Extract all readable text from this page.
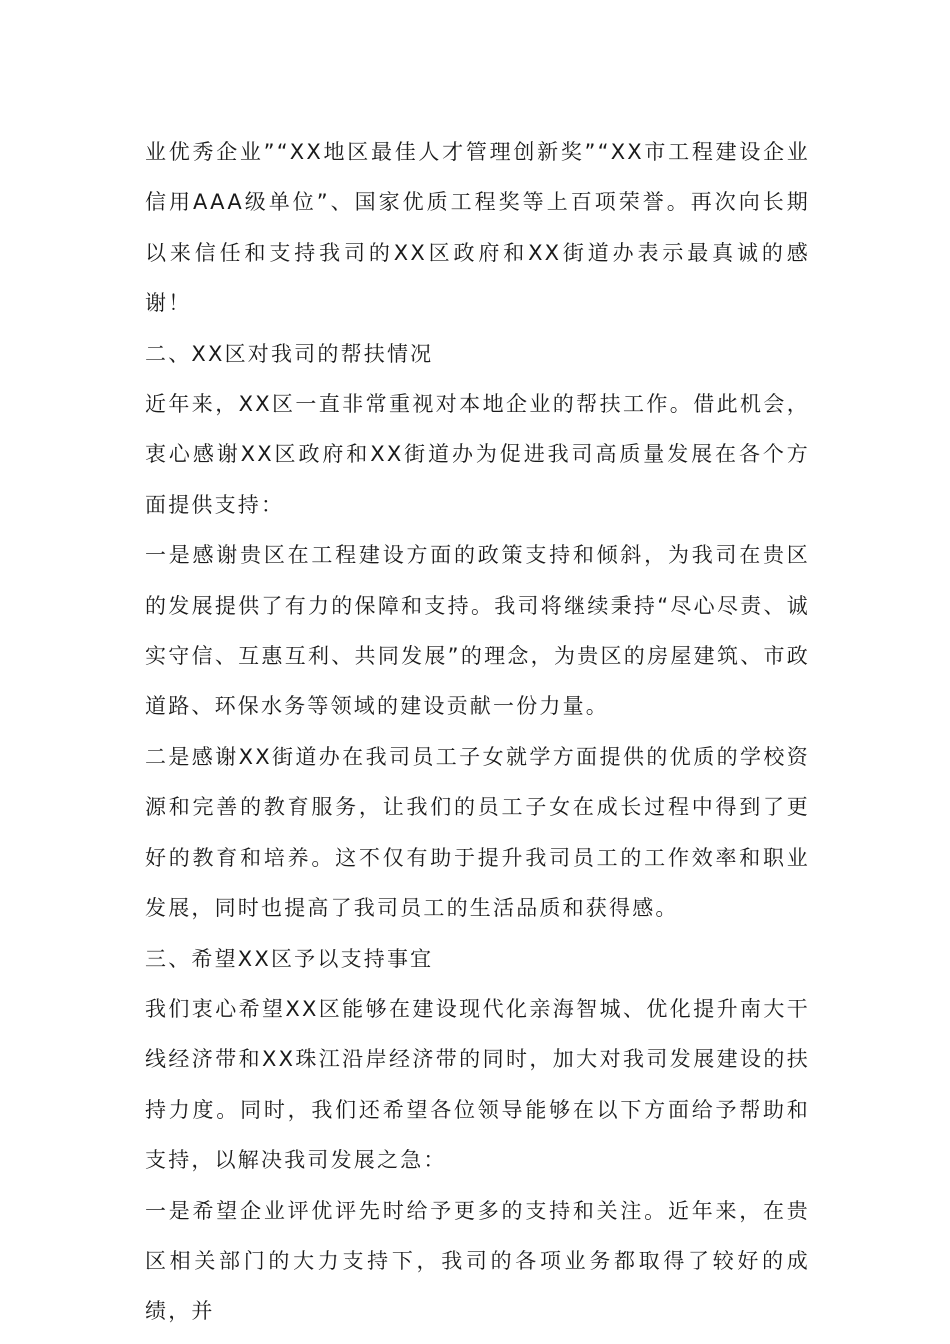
业优秀企业”“XX地区最佳人才管理创新奖”“XX市工程建设企业信用AAA级单位”、国家优质工程奖等上百项荣誉。再次向长期以来信任和支持我司的XX区政府和XX街道办表示最真诚的感谢！

二、XX区对我司的帮扶情况

近年来，XX区一直非常重视对本地企业的帮扶工作。借此机会，衷心感谢XX区政府和XX街道办为促进我司高质量发展在各个方面提供支持：

一是感谢贵区在工程建设方面的政策支持和倾斜，为我司在贵区的发展提供了有力的保障和支持。我司将继续秉持“尽心尽责、诚实守信、互惠互利、共同发展”的理念，为贵区的房屋建筑、市政道路、环保水务等领域的建设贡献一份力量。

二是感谢XX街道办在我司员工子女就学方面提供的优质的学校资源和完善的教育服务，让我们的员工子女在成长过程中得到了更好的教育和培养。这不仅有助于提升我司员工的工作效率和职业发展，同时也提高了我司员工的生活品质和获得感。

三、希望XX区予以支持事宜

我们衷心希望XX区能够在建设现代化亲海智城、优化提升南大干线经济带和XX珠江沿岸经济带的同时，加大对我司发展建设的扶持力度。同时，我们还希望各位领导能够在以下方面给予帮助和支持，以解决我司发展之急：

一是希望企业评优评先时给予更多的支持和关注。近年来，在贵区相关部门的大力支持下，我司的各项业务都取得了较好的成绩，并
